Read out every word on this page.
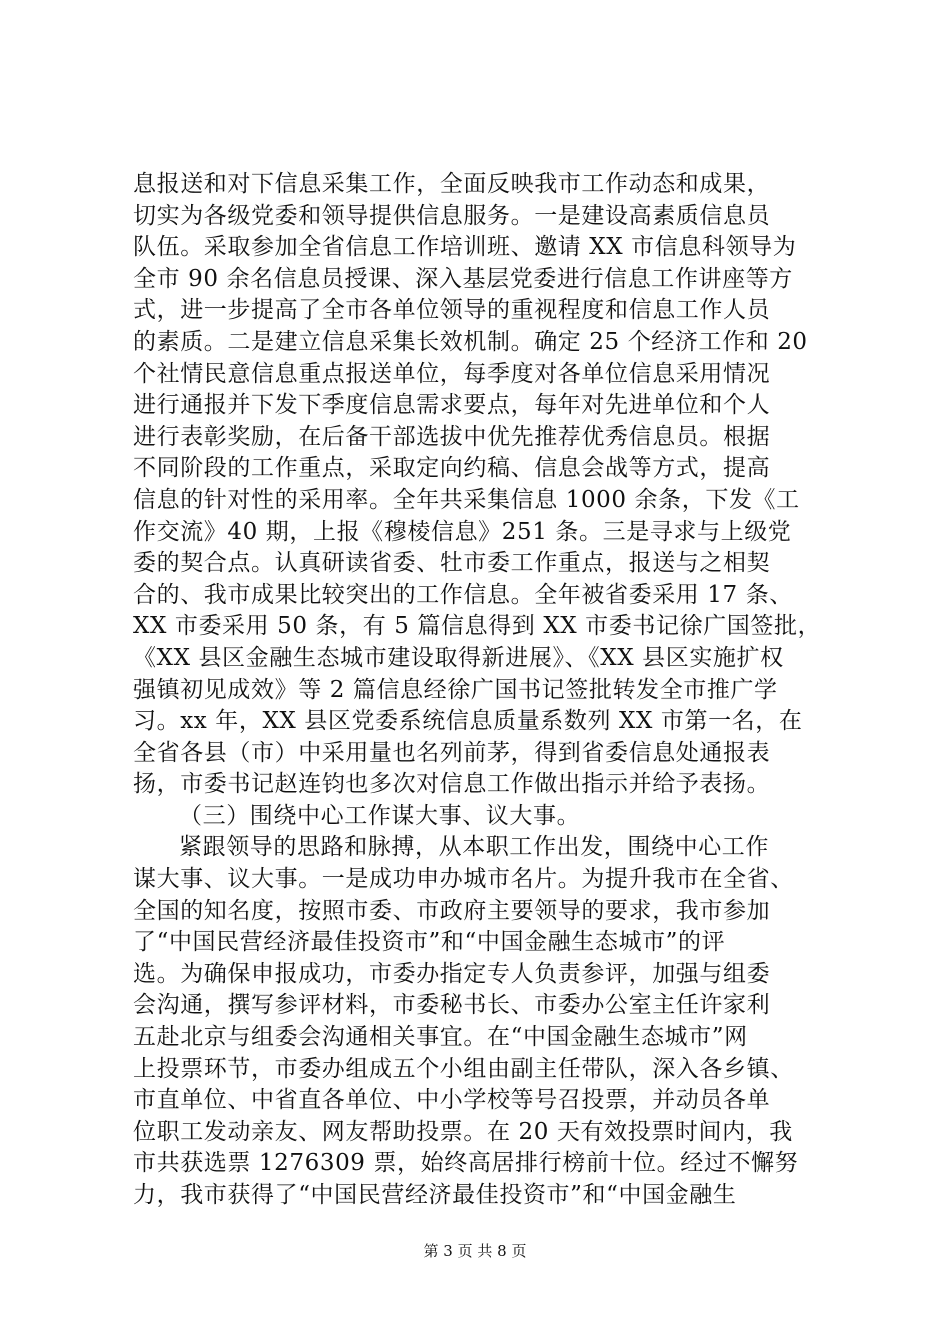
息报送和对下信息采集工作，全面反映我市工作动态和成果，
切实为各级党委和领导提供信息服务。一是建设高素质信息员
队伍。采取参加全省信息工作培训班、邀请 XX 市信息科领导为
全市 90 余名信息员授课、深入基层党委进行信息工作讲座等方
式，进一步提高了全市各单位领导的重视程度和信息工作人员
的素质。二是建立信息采集长效机制。确定 25 个经济工作和 20
个社情民意信息重点报送单位，每季度对各单位信息采用情况
进行通报并下发下季度信息需求要点，每年对先进单位和个人
进行表彰奖励，在后备干部选拔中优先推荐优秀信息员。根据
不同阶段的工作重点，采取定向约稿、信息会战等方式，提高
信息的针对性的采用率。全年共采集信息 1000 余条，下发《工
作交流》40 期，上报《穆棱信息》251 条。三是寻求与上级党
委的契合点。认真研读省委、牡市委工作重点，报送与之相契
合的、我市成果比较突出的工作信息。全年被省委采用 17 条、
XX 市委采用 50 条，有 5 篇信息得到 XX 市委书记徐广国签批，
《XX 县区金融生态城市建设取得新进展》、《XX 县区实施扩权
强镇初见成效》等 2 篇信息经徐广国书记签批转发全市推广学
习。xx 年，XX 县区党委系统信息质量系数列 XX 市第一名，在
全省各县（市）中采用量也名列前茅，得到省委信息处通报表
扬，市委书记赵连钧也多次对信息工作做出指示并给予表扬。
（三）围绕中心工作谋大事、议大事。
紧跟领导的思路和脉搏，从本职工作出发，围绕中心工作
谋大事、议大事。一是成功申办城市名片。为提升我市在全省、
全国的知名度，按照市委、市政府主要领导的要求，我市参加
了“中国民营经济最佳投资市”和“中国金融生态城市”的评
选。为确保申报成功，市委办指定专人负责参评，加强与组委
会沟通，撰写参评材料，市委秘书长、市委办公室主任许家利
五赴北京与组委会沟通相关事宜。在“中国金融生态城市”网
上投票环节，市委办组成五个小组由副主任带队，深入各乡镇、
市直单位、中省直各单位、中小学校等号召投票，并动员各单
位职工发动亲友、网友帮助投票。在 20 天有效投票时间内，我
市共获选票 1276309 票，始终高居排行榜前十位。经过不懈努
力，我市获得了“中国民营经济最佳投资市”和“中国金融生
第 3 页 共 8 页
